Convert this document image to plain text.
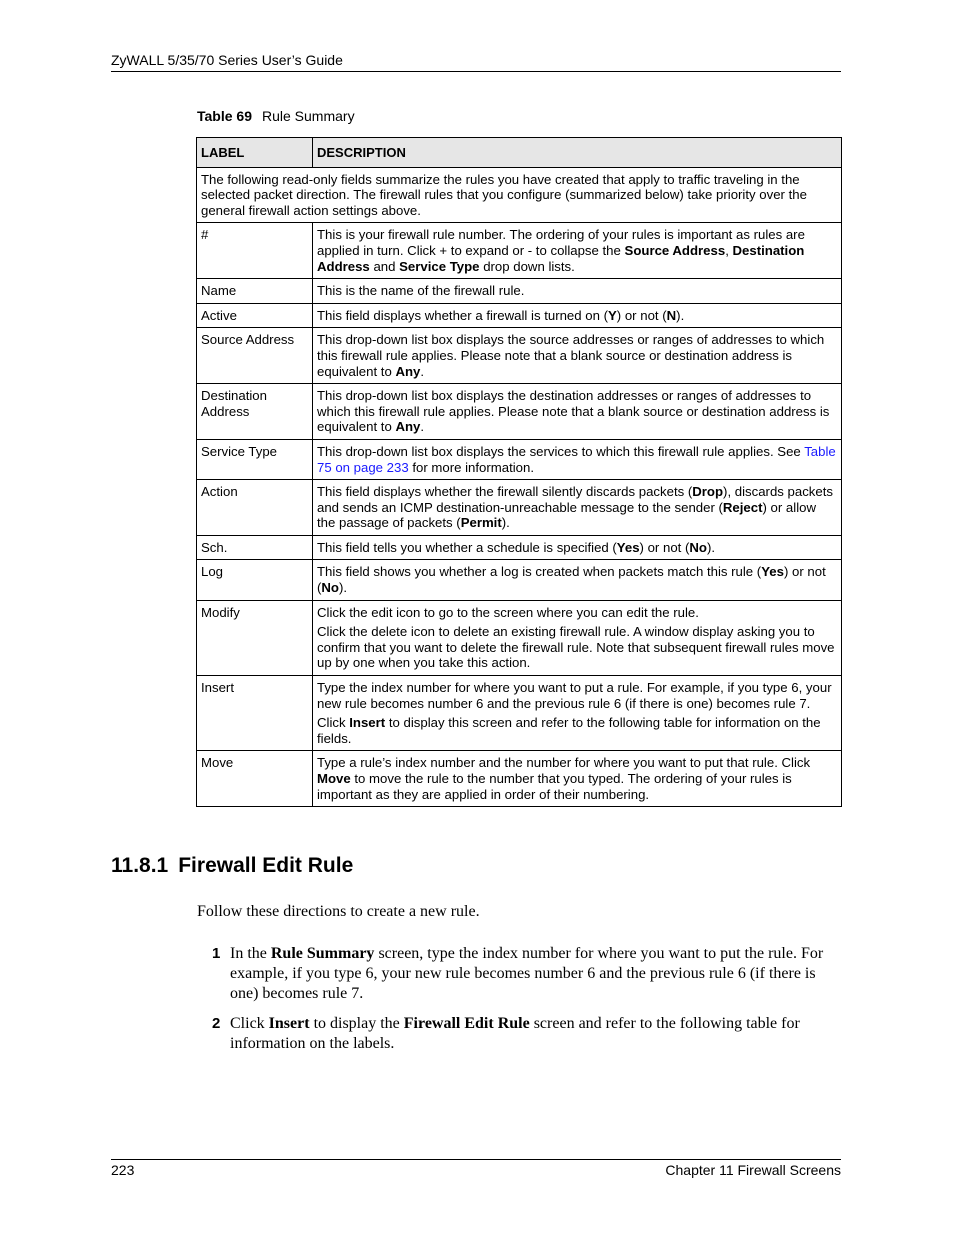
ZyWALL 5/35/70 Series User’s Guide
Table 69 Rule Summary
LABEL	DESCRIPTION
The following read-only fields summarize the rules you have created that apply to traffic traveling in the selected packet direction. The firewall rules that you configure (summarized below) take priority over the general firewall action settings above.	
#	This is your firewall rule number. The ordering of your rules is important as rules are applied in turn. Click + to expand or - to collapse the Source Address, Destination Address and Service Type drop down lists.

Name	This is the name of the firewall rule.

Active	This field displays whether a firewall is turned on (Y) or not (N).

Source Address	This drop-down list box displays the source addresses or ranges of addresses to which this firewall rule applies. Please note that a blank source or destination address is equivalent to Any.

Destination Address	This drop-down list box displays the destination addresses or ranges of addresses to which this firewall rule applies. Please note that a blank source or destination address is equivalent to Any.

Service Type	This drop-down list box displays the services to which this firewall rule applies. See Table 75 on page 233 for more information.

Action	This field displays whether the firewall silently discards packets (Drop), discards packets and sends an ICMP destination-unreachable message to the sender (Reject) or allow the passage of packets (Permit).

Sch.	This field tells you whether a schedule is specified (Yes) or not (No).

Log	This field shows you whether a log is created when packets match this rule (Yes) or not (No).

Modify	Click the edit icon to go to the screen where you can edit the rule.

Click the delete icon to delete an existing firewall rule. A window display asking you to confirm that you want to delete the firewall rule. Note that subsequent firewall rules move up by one when you take this action.

Insert	Type the index number for where you want to put a rule. For example, if you type 6, your new rule becomes number 6 and the previous rule 6 (if there is one) becomes rule 7.

Click Insert to display this screen and refer to the following table for information on the fields.

Move	Type a rule’s index number and the number for where you want to put that rule. Click Move to move the rule to the number that you typed. The ordering of your rules is important as they are applied in order of their numbering.

11.8.1 Firewall Edit Rule
Follow these directions to create a new rule.
1 In the Rule Summary screen, type the index number for where you want to put the rule. For example, if you type 6, your new rule becomes number 6 and the previous rule 6 (if there is one) becomes rule 7.
2 Click Insert to display the Firewall Edit Rule screen and refer to the following table for information on the labels.
223	Chapter 11 Firewall Screens
